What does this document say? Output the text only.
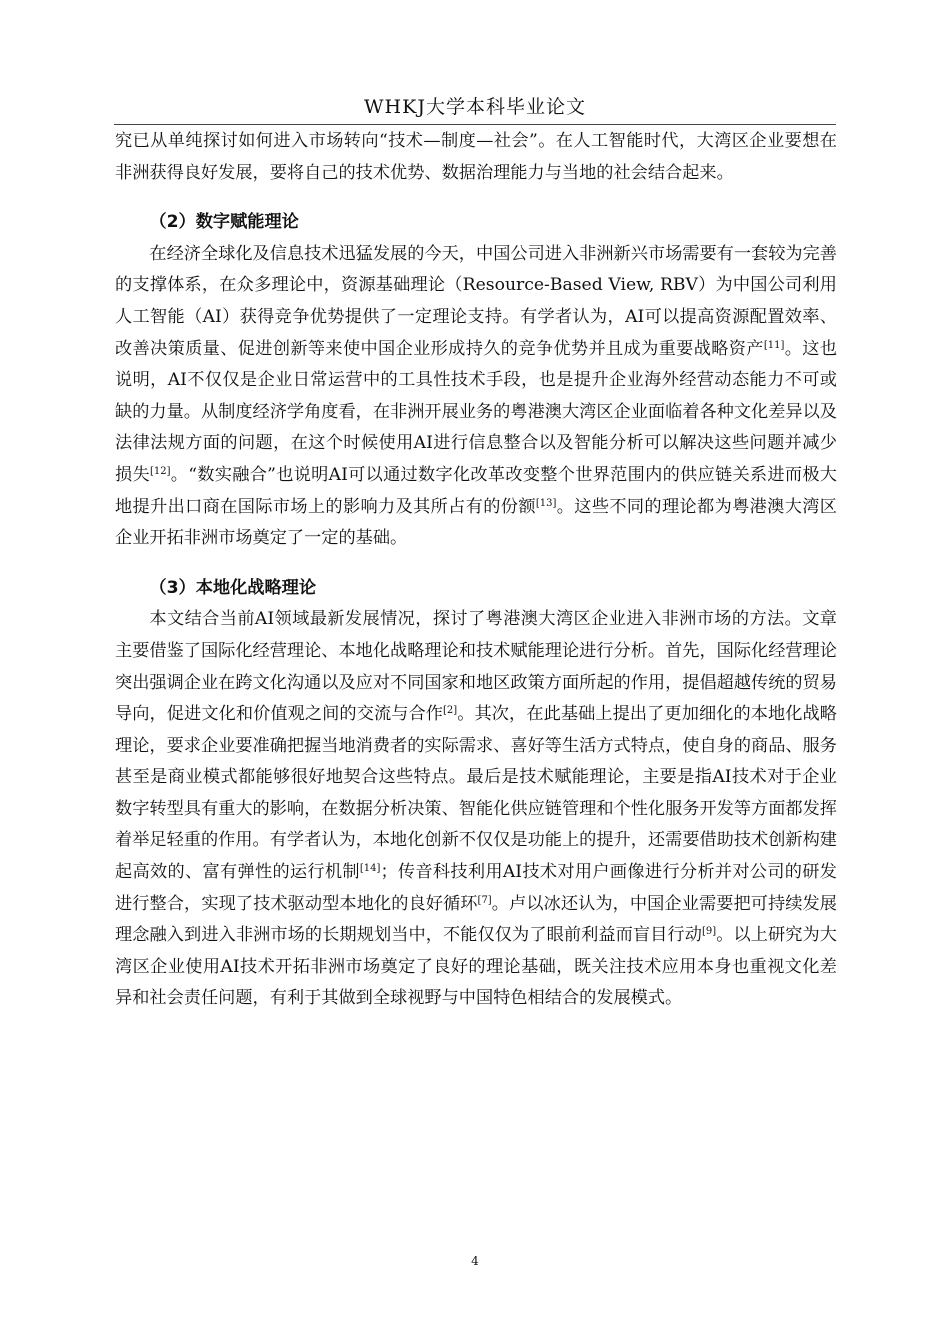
WHKJ大学本科毕业论文

究已从单纯探讨如何进入市场转向“技术—制度—社会”。在人工智能时代，大湾区企业要想在非洲获得良好发展，要将自己的技术优势、数据治理能力与当地的社会结合起来。

（2）数字赋能理论

在经济全球化及信息技术迅猛发展的今天，中国公司进入非洲新兴市场需要有一套较为完善的支撑体系，在众多理论中，资源基础理论（Resource-Based View, RBV）为中国公司利用人工智能（AI）获得竞争优势提供了一定理论支持。有学者认为，AI可以提高资源配置效率、改善决策质量、促进创新等来使中国企业形成持久的竞争优势并且成为重要战略资产[11]。这也说明，AI不仅仅是企业日常运营中的工具性技术手段，也是提升企业海外经营动态能力不可或缺的力量。从制度经济学角度看，在非洲开展业务的粤港澳大湾区企业面临着各种文化差异以及法律法规方面的问题，在这个时候使用AI进行信息整合以及智能分析可以解决这些问题并减少损失[12]。“数实融合”也说明AI可以通过数字化改革改变整个世界范围内的供应链关系进而极大地提升出口商在国际市场上的影响力及其所占有的份额[13]。这些不同的理论都为粤港澳大湾区企业开拓非洲市场奠定了一定的基础。

（3）本地化战略理论

本文结合当前AI领域最新发展情况，探讨了粤港澳大湾区企业进入非洲市场的方法。文章主要借鉴了国际化经营理论、本地化战略理论和技术赋能理论进行分析。首先，国际化经营理论突出强调企业在跨文化沟通以及应对不同国家和地区政策方面所起的作用，提倡超越传统的贸易导向，促进文化和价值观之间的交流与合作[2]。其次，在此基础上提出了更加细化的本地化战略理论，要求企业要准确把握当地消费者的实际需求、喜好等生活方式特点，使自身的商品、服务甚至是商业模式都能够很好地契合这些特点。最后是技术赋能理论，主要是指AI技术对于企业数字转型具有重大的影响，在数据分析决策、智能化供应链管理和个性化服务开发等方面都发挥着举足轻重的作用。有学者认为，本地化创新不仅仅是功能上的提升，还需要借助技术创新构建起高效的、富有弹性的运行机制[14]；传音科技利用AI技术对用户画像进行分析并对公司的研发进行整合，实现了技术驱动型本地化的良好循环[7]。卢以冰还认为，中国企业需要把可持续发展理念融入到进入非洲市场的长期规划当中，不能仅仅为了眼前利益而盲目行动[9]。以上研究为大湾区企业使用AI技术开拓非洲市场奠定了良好的理论基础，既关注技术应用本身也重视文化差异和社会责任问题，有利于其做到全球视野与中国特色相结合的发展模式。

4
